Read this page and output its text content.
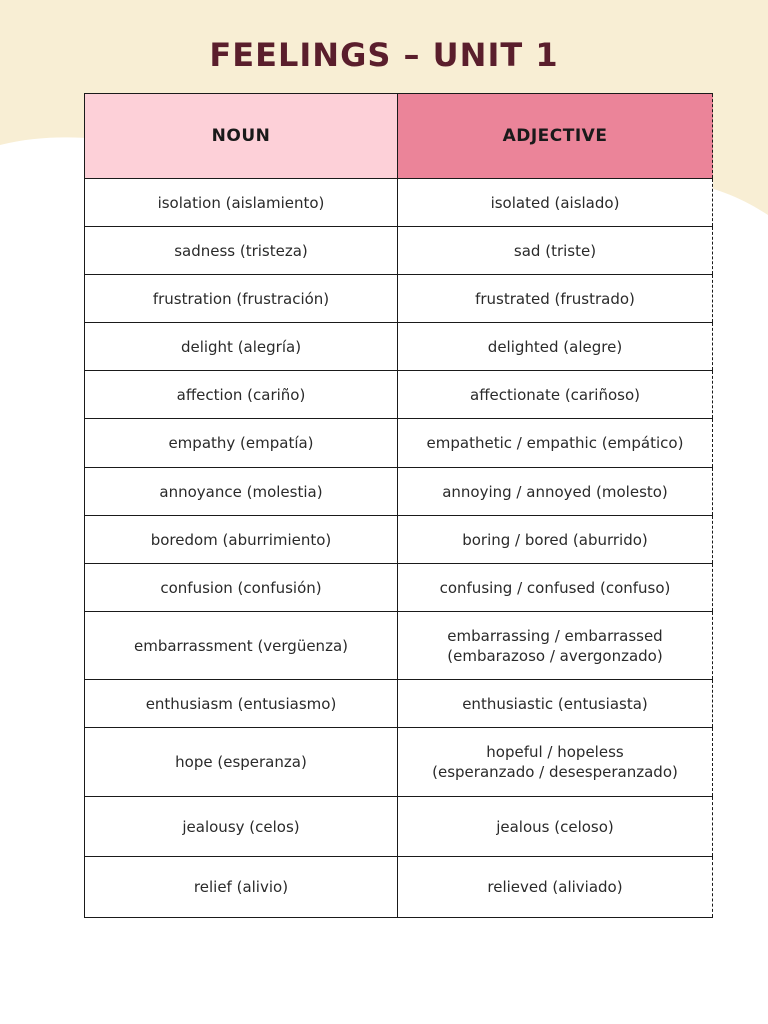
FEELINGS – UNIT 1
NOUN	ADJECTIVE
isolation (aislamiento)	isolated (aislado)

sadness (tristeza)	sad (triste)

frustration (frustración)	frustrated (frustrado)

delight (alegría)	delighted (alegre)

affection (cariño)	affectionate (cariñoso)

empathy (empatía)	empathetic / empathic (empático)

annoyance (molestia)	annoying / annoyed (molesto)

boredom (aburrimiento)	boring / bored (aburrido)

confusion (confusión)	confusing / confused (confuso)

embarrassment (vergüenza)	embarrassing / embarrassed
(embarazoso / avergonzado)

enthusiasm (entusiasmo)	enthusiastic (entusiasta)

hope (esperanza)	hopeful / hopeless
(esperanzado / desesperanzado)

jealousy (celos)	jealous (celoso)

relief (alivio)	relieved (aliviado)
